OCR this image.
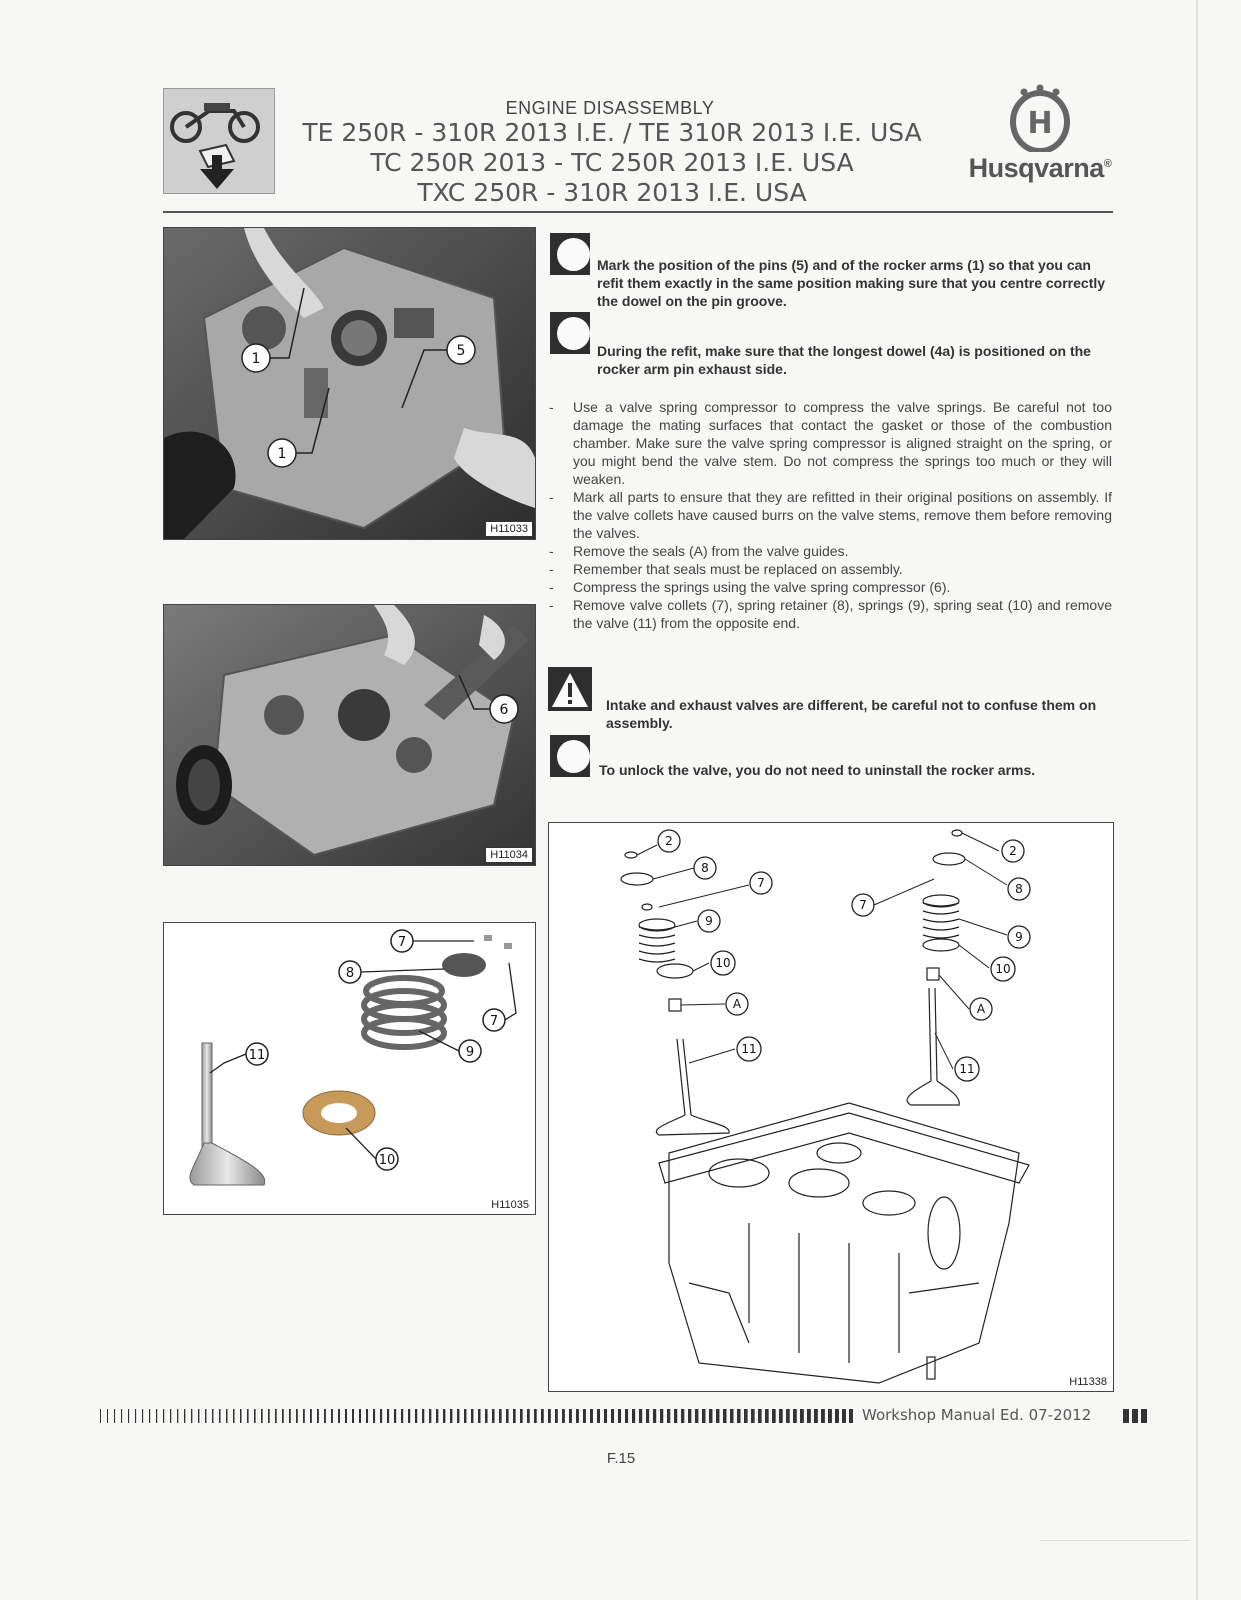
ENGINE DISASSEMBLY
TE 250R - 310R 2013 I.E. / TE 310R 2013 I.E. USA
TC 250R 2013 - TC 250R 2013 I.E. USA
TXC 250R - 310R 2013 I.E. USA
H
Husqvarna®
1	5
1
H11033
6
H11034
7
8
7
11	9
10
H11035
Mark the position of the pins (5) and of the rocker arms (1) so that you can refit them exactly in the same position making sure that you centre correctly the dowel on the pin groove.
During the refit, make sure that the longest dowel (4a) is positioned on the rocker arm pin exhaust side.
- Use a valve spring compressor to compress the valve springs. Be careful not too damage the mating surfaces that contact the gasket or those of the combustion chamber. Make sure the valve spring compressor is aligned straight on the spring, or you might bend the valve stem. Do not compress the springs too much or they will weaken.
- Mark all parts to ensure that they are refitted in their original positions on assembly. If the valve collets have caused burrs on the valve stems, remove them before removing the valves.
- Remove the seals (A) from the valve guides.
- Remember that seals must be replaced on assembly.
- Compress the springs using the valve spring compressor (6).
- Remove valve collets (7), spring retainer (8), springs (9), spring seat (10) and remove the valve (11) from the opposite end.
Intake and exhaust valves are different, be careful not to confuse them on assembly.
To unlock the valve, you do not need to uninstall the rocker arms.
2
8
7
9
10
A
11
2
7
8
9
10
A
11
H11338
Workshop Manual Ed. 07-2012
F.15
